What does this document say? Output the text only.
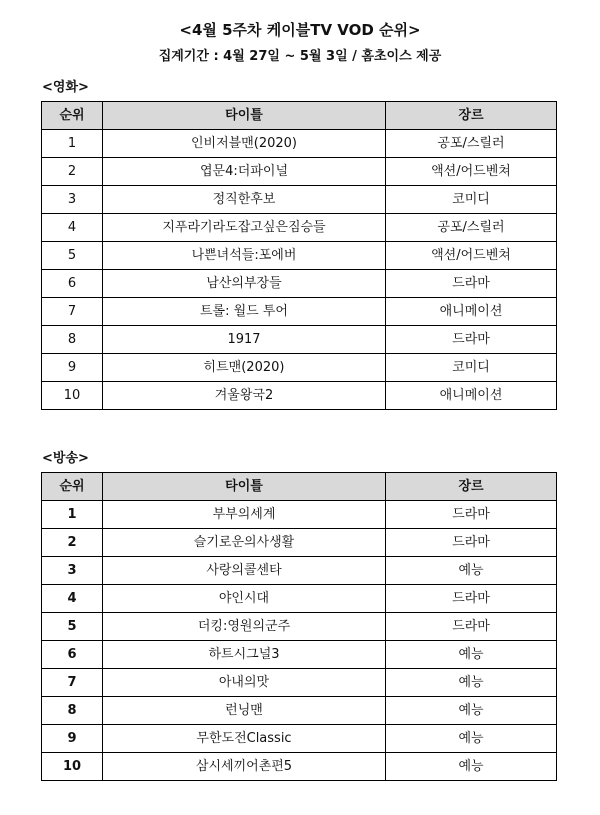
<4월 5주차 케이블TV VOD 순위>
집계기간 : 4월 27일 ~ 5월 3일 / 홈초이스 제공
<영화>
순위	타이틀	장르
1	인비저블맨(2020)	공포/스릴러
2	엽문4:더파이널	액션/어드벤쳐
3	정직한후보	코미디
4	지푸라기라도잡고싶은짐승들	공포/스릴러
5	나쁜녀석들:포에버	액션/어드벤쳐
6	남산의부장들	드라마
7	트롤: 월드 투어	애니메이션
8	1917	드라마
9	히트맨(2020)	코미디
10	겨울왕국2	애니메이션
<방송>
순위	타이틀	장르
1	부부의세계	드라마
2	슬기로운의사생활	드라마
3	사랑의콜센타	예능
4	야인시대	드라마
5	더킹:영원의군주	드라마
6	하트시그널3	예능
7	아내의맛	예능
8	런닝맨	예능
9	무한도전Classic	예능
10	삼시세끼어촌편5	예능
